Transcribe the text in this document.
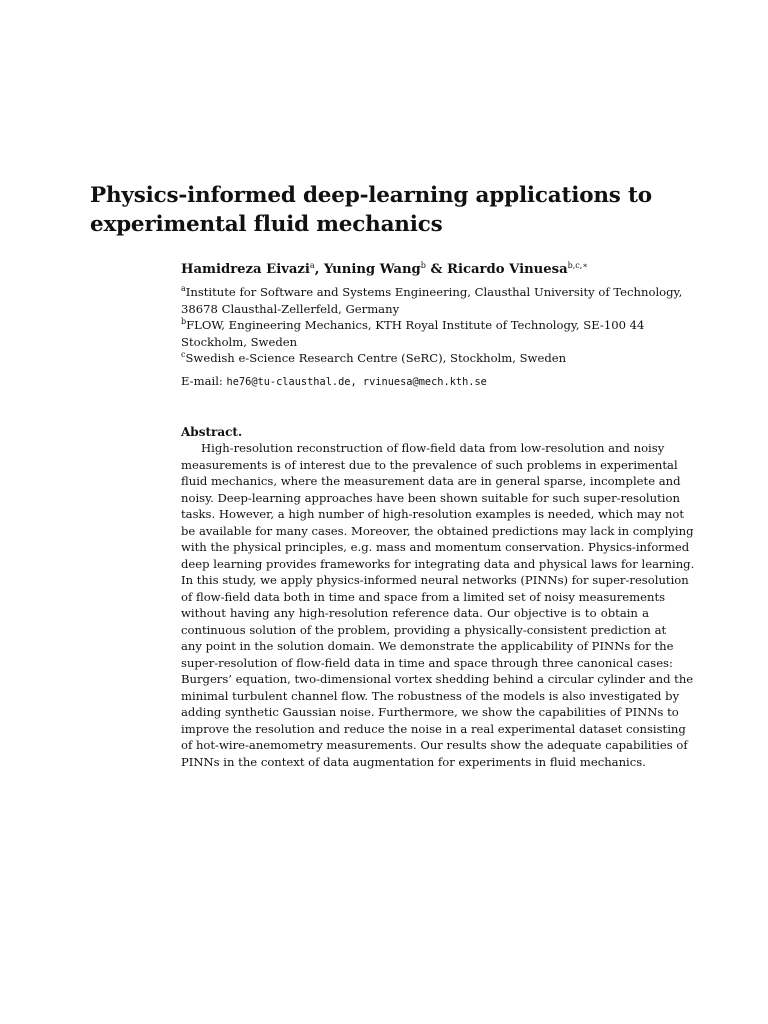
Physics-informed deep-learning applications to
experimental fluid mechanics
Hamidreza Eivazi$^a$, Yuning Wang$^b$ & Ricardo Vinuesa$^{b,c,∗}$
$^a$Institute for Software and Systems Engineering, Clausthal University of Technology,
38678 Clausthal-Zellerfeld, Germany
$^b$FLOW, Engineering Mechanics, KTH Royal Institute of Technology, SE-100 44
Stockholm, Sweden
$^c$Swedish e-Science Research Centre (SeRC), Stockholm, Sweden
E-mail: he76@tu-clausthal.de, rvinuesa@mech.kth.se
Abstract.
High-resolution reconstruction of flow-field data from low-resolution and noisy
measurements is of interest due to the prevalence of such problems in experimental
fluid mechanics, where the measurement data are in general sparse, incomplete and
noisy. Deep-learning approaches have been shown suitable for such super-resolution
tasks. However, a high number of high-resolution examples is needed, which may not
be available for many cases. Moreover, the obtained predictions may lack in complying
with the physical principles, e.g. mass and momentum conservation. Physics-informed
deep learning provides frameworks for integrating data and physical laws for learning.
In this study, we apply physics-informed neural networks (PINNs) for super-resolution
of flow-field data both in time and space from a limited set of noisy measurements
without having any high-resolution reference data. Our objective is to obtain a
continuous solution of the problem, providing a physically-consistent prediction at
any point in the solution domain. We demonstrate the applicability of PINNs for the
super-resolution of flow-field data in time and space through three canonical cases:
Burgers’ equation, two-dimensional vortex shedding behind a circular cylinder and the
minimal turbulent channel flow. The robustness of the models is also investigated by
adding synthetic Gaussian noise. Furthermore, we show the capabilities of PINNs to
improve the resolution and reduce the noise in a real experimental dataset consisting
of hot-wire-anemometry measurements. Our results show the adequate capabilities of
PINNs in the context of data augmentation for experiments in fluid mechanics.
